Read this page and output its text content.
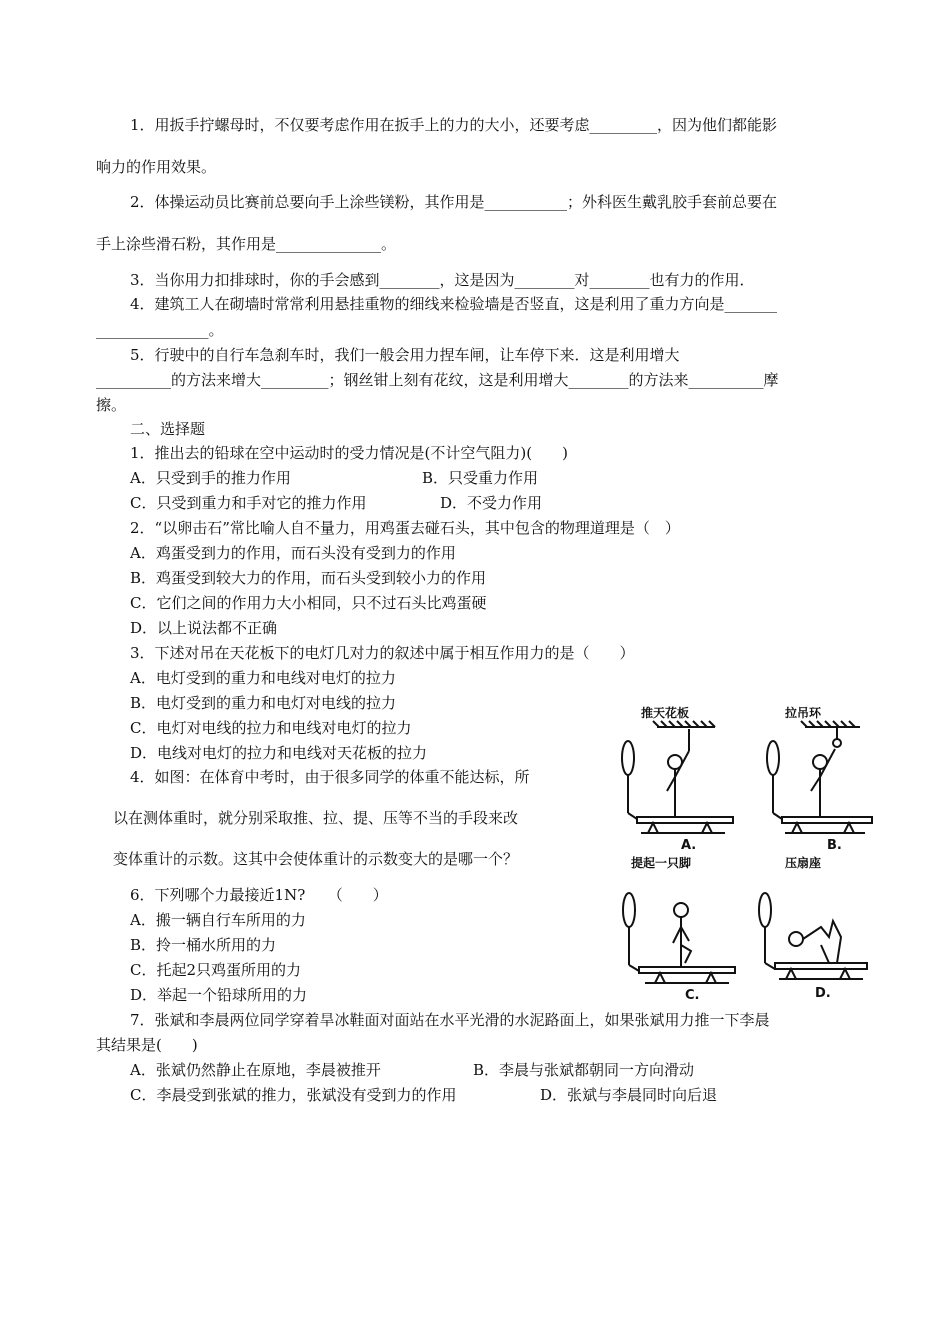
1．用扳手拧螺母时，不仅要考虑作用在扳手上的力的大小，还要考虑_________，因为他们都能影
响力的作用效果。
2．体操运动员比赛前总要向手上涂些镁粉，其作用是___________；外科医生戴乳胶手套前总要在
手上涂些滑石粉，其作用是______________。
3．当你用力扣排球时，你的手会感到________，这是因为________对________也有力的作用．
4．建筑工人在砌墙时常常利用悬挂重物的细线来检验墙是否竖直，这是利用了重力方向是_______
_______________。
5．行驶中的自行车急刹车时，我们一般会用力捏车闸，让车停下来．这是利用增大
__________的方法来增大_________；钢丝钳上刻有花纹，这是利用增大________的方法来__________摩
擦。
二、选择题
1．推出去的铅球在空中运动时的受力情况是(不计空气阻力)(　　)
A．只受到手的推力作用	B．只受重力作用
C．只受到重力和手对它的推力作用	D．不受力作用
2．“以卵击石”常比喻人自不量力，用鸡蛋去碰石头，其中包含的物理道理是（　）
A．鸡蛋受到力的作用，而石头没有受到力的作用
B．鸡蛋受到较大力的作用，而石头受到较小力的作用
C．它们之间的作用力大小相同，只不过石头比鸡蛋硬
D．以上说法都不正确
3．下述对吊在天花板下的电灯几对力的叙述中属于相互作用力的是（　　）
A．电灯受到的重力和电线对电灯的拉力
B．电灯受到的重力和电灯对电线的拉力
C．电灯对电线的拉力和电线对电灯的拉力
D．电线对电灯的拉力和电线对天花板的拉力
4．如图：在体育中考时，由于很多同学的体重不能达标，所
以在测体重时，就分别采取推、拉、提、压等不当的手段来改
变体重计的示数。这其中会使体重计的示数变大的是哪一个？
6．下列哪个力最接近1N?　　（　　）
A．搬一辆自行车所用的力
B．拎一桶水所用的力
C．托起2只鸡蛋所用的力
D．举起一个铅球所用的力
7．张斌和李晨两位同学穿着旱冰鞋面对面站在水平光滑的水泥路面上，如果张斌用力推一下李晨
其结果是(　　)
A．张斌仍然静止在原地，李晨被推开	B．李晨与张斌都朝同一方向滑动
C．李晨受到张斌的推力，张斌没有受到力的作用	D．张斌与李晨同时向后退
推天花板	拉吊环
提起一只脚	压扇座
A.	B.
C.	D.
